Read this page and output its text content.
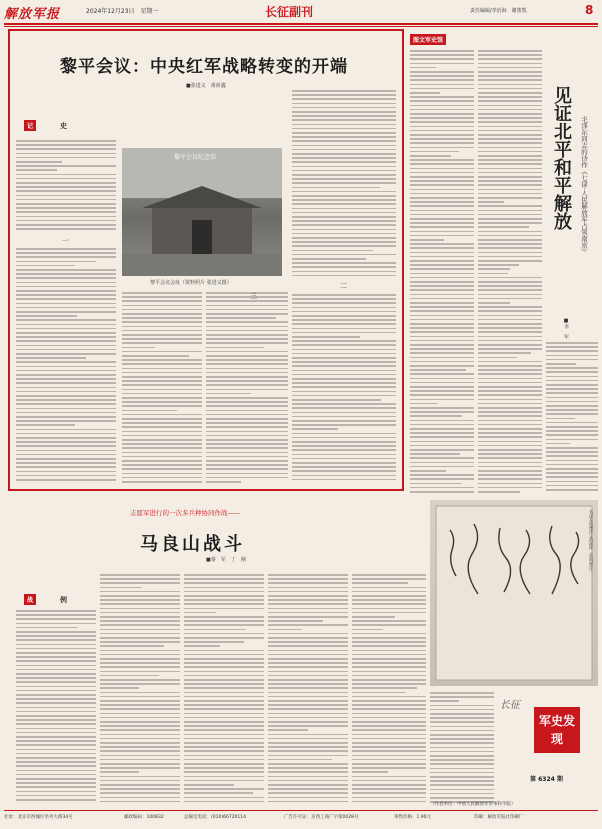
解放军报	2024年12月23日　星期一	长征副刊	责任编辑/李治海　谢蕾凯	8
黎平会议：中央红军战略转变的开端
■张进义　黄祈鑫
记	史
黎平会议纪念馆
黎平会议会址（资料照片 张进义摄）
一
二
三
图文军史馆
见证北平和平解放	毛泽东同志的诗作《七律·人民解放军占领南京》
■李　军
志愿军进行的一次多兵种协同作战——
马良山战斗
■秦　军　丁　刚
战	例
毛泽东致傅作义的函件（资料照片）
长征
军史发现
第 6324 期
（作者单位：中国人民解放军军事科学院）
社址：北京市西城区阜外大街34号	邮政编码：100832	总编室电话：(010)66720114	广告许可证：京西工商广字第0028号	零售价格：1.90元	印刷：解放军报社印刷厂
